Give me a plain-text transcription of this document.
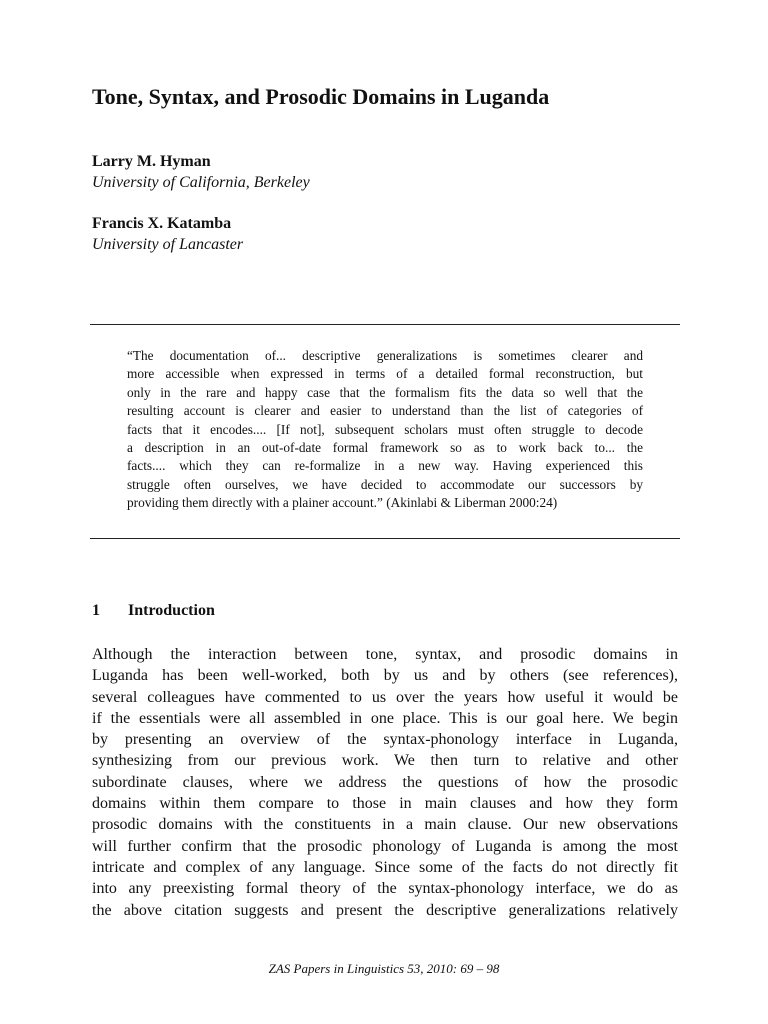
Tone, Syntax, and Prosodic Domains in Luganda
Larry M. Hyman
University of California, Berkeley
Francis X. Katamba
University of Lancaster
“The documentation of... descriptive generalizations is sometimes clearer and
more accessible when expressed in terms of a detailed formal reconstruction, but
only in the rare and happy case that the formalism fits the data so well that the
resulting account is clearer and easier to understand than the list of categories of
facts that it encodes.... [If not], subsequent scholars must often struggle to decode
a description in an out-of-date formal framework so as to work back to... the
facts.... which they can re-formalize in a new way. Having experienced this
struggle often ourselves, we have decided to accommodate our successors by
providing them directly with a plainer account.” (Akinlabi & Liberman 2000:24)
1 Introduction
Although the interaction between tone, syntax, and prosodic domains in
Luganda has been well-worked, both by us and by others (see references),
several colleagues have commented to us over the years how useful it would be
if the essentials were all assembled in one place. This is our goal here. We begin
by presenting an overview of the syntax-phonology interface in Luganda,
synthesizing from our previous work. We then turn to relative and other
subordinate clauses, where we address the questions of how the prosodic
domains within them compare to those in main clauses and how they form
prosodic domains with the constituents in a main clause. Our new observations
will further confirm that the prosodic phonology of Luganda is among the most
intricate and complex of any language. Since some of the facts do not directly fit
into any preexisting formal theory of the syntax-phonology interface, we do as
the above citation suggests and present the descriptive generalizations relatively
ZAS Papers in Linguistics 53, 2010: 69 – 98
